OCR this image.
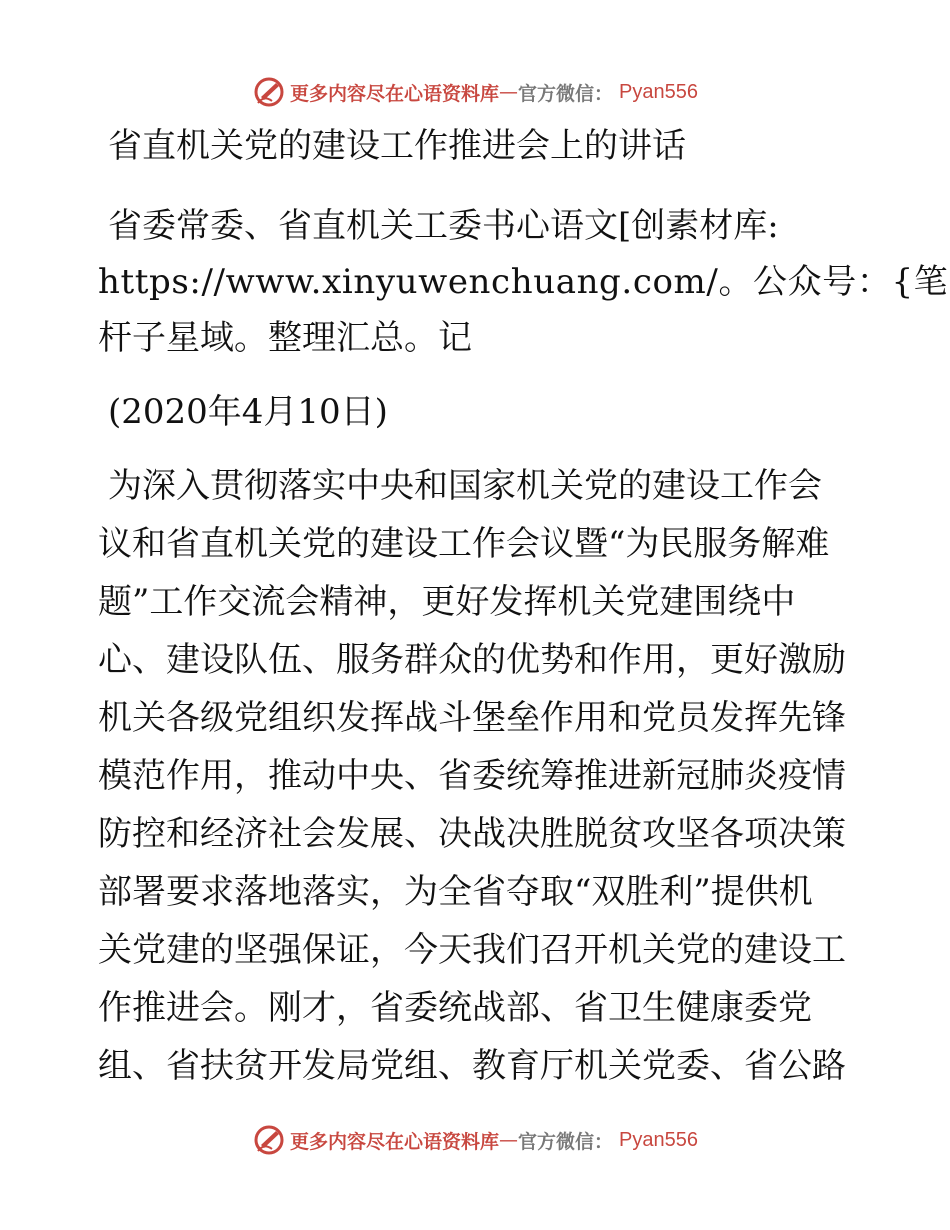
更多内容尽在心语资料库 — 官方微信： Pyan556
省直机关党的建设工作推进会上的讲话
省委常委、省直机关工委书心语文[创素材库:
https://www.xinyuwenchuang.com/。公众号：{笔
杆子星域。整理汇总。记
(2020年4月10日)
为深入贯彻落实中央和国家机关党的建设工作会
议和省直机关党的建设工作会议暨“为民服务解难
题”工作交流会精神，更好发挥机关党建围绕中
心、建设队伍、服务群众的优势和作用，更好激励
机关各级党组织发挥战斗堡垒作用和党员发挥先锋
模范作用，推动中央、省委统筹推进新冠肺炎疫情
防控和经济社会发展、决战决胜脱贫攻坚各项决策
部署要求落地落实，为全省夺取“双胜利”提供机
关党建的坚强保证，今天我们召开机关党的建设工
作推进会。刚才，省委统战部、省卫生健康委党
组、省扶贫开发局党组、教育厅机关党委、省公路
更多内容尽在心语资料库 — 官方微信： Pyan556
